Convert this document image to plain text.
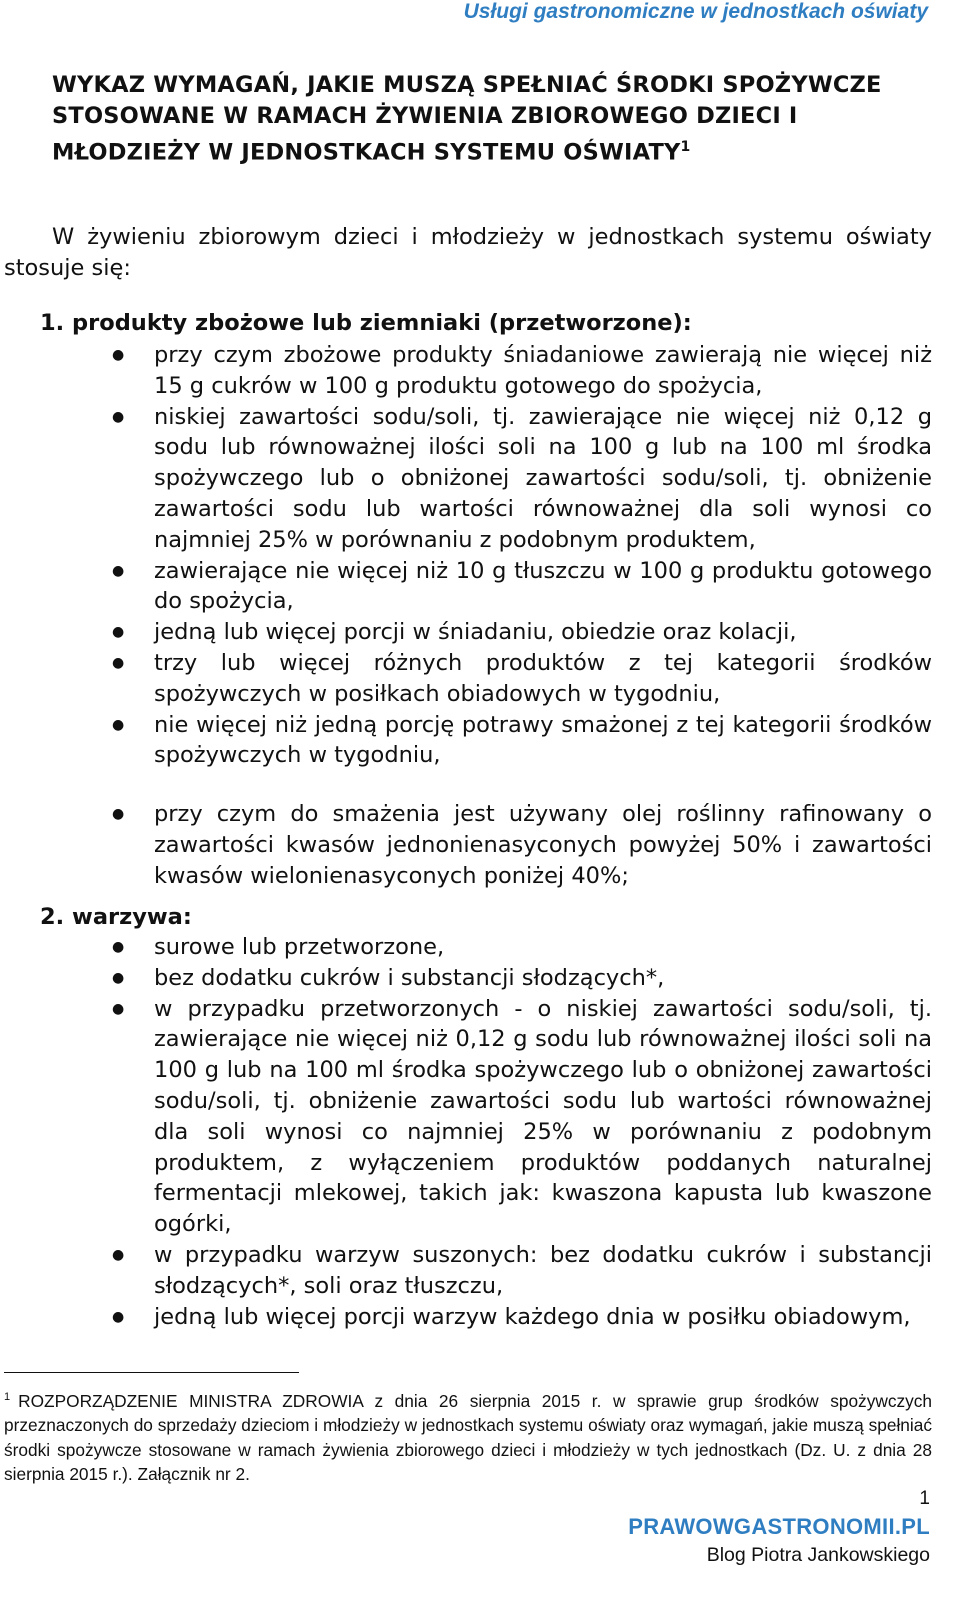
Usługi gastronomiczne w jednostkach oświaty
WYKAZ WYMAGAŃ, JAKIE MUSZĄ SPEŁNIAĆ ŚRODKI SPOŻYWCZE STOSOWANE W RAMACH ŻYWIENIA ZBIOROWEGO DZIECI I MŁODZIEŻY W JEDNOSTKACH SYSTEMU OŚWIATY$^1$
W żywieniu zbiorowym dzieci i młodzieży w jednostkach systemu oświaty stosuje się:
1. produkty zbożowe lub ziemniaki (przetworzone):
● przy czym zbożowe produkty śniadaniowe zawierają nie więcej niż 15 g cukrów w 100 g produktu gotowego do spożycia,
● niskiej zawartości sodu/soli, tj. zawierające nie więcej niż 0,12 g sodu lub równoważnej ilości soli na 100 g lub na 100 ml środka spożywczego lub o obniżonej zawartości sodu/soli, tj. obniżenie zawartości sodu lub wartości równoważnej dla soli wynosi co najmniej 25% w porównaniu z podobnym produktem,
● zawierające nie więcej niż 10 g tłuszczu w 100 g produktu gotowego do spożycia,
● jedną lub więcej porcji w śniadaniu, obiedzie oraz kolacji,
● trzy lub więcej różnych produktów z tej kategorii środków spożywczych w posiłkach obiadowych w tygodniu,
● nie więcej niż jedną porcję potrawy smażonej z tej kategorii środków spożywczych w tygodniu,
● przy czym do smażenia jest używany olej roślinny rafinowany o zawartości kwasów jednonienasyconych powyżej 50% i zawartości kwasów wielonienasyconych poniżej 40%;
2. warzywa:
● surowe lub przetworzone,
● bez dodatku cukrów i substancji słodzących*,
● w przypadku przetworzonych - o niskiej zawartości sodu/soli, tj. zawierające nie więcej niż 0,12 g sodu lub równoważnej ilości soli na 100 g lub na 100 ml środka spożywczego lub o obniżonej zawartości sodu/soli, tj. obniżenie zawartości sodu lub wartości równoważnej dla soli wynosi co najmniej 25% w porównaniu z podobnym produktem, z wyłączeniem produktów poddanych naturalnej fermentacji mlekowej, takich jak: kwaszona kapusta lub kwaszone ogórki,
● w przypadku warzyw suszonych: bez dodatku cukrów i substancji słodzących*, soli oraz tłuszczu,
● jedną lub więcej porcji warzyw każdego dnia w posiłku obiadowym,
$^1$ ROZPORZĄDZENIE MINISTRA ZDROWIA z dnia 26 sierpnia 2015 r. w sprawie grup środków spożywczych przeznaczonych do sprzedaży dzieciom i młodzieży w jednostkach systemu oświaty oraz wymagań, jakie muszą spełniać środki spożywcze stosowane w ramach żywienia zbiorowego dzieci i młodzieży w tych jednostkach (Dz. U. z dnia 28 sierpnia 2015 r.). Załącznik nr 2.
1
PRAWOWGASTRONOMII.PL
Blog Piotra Jankowskiego
